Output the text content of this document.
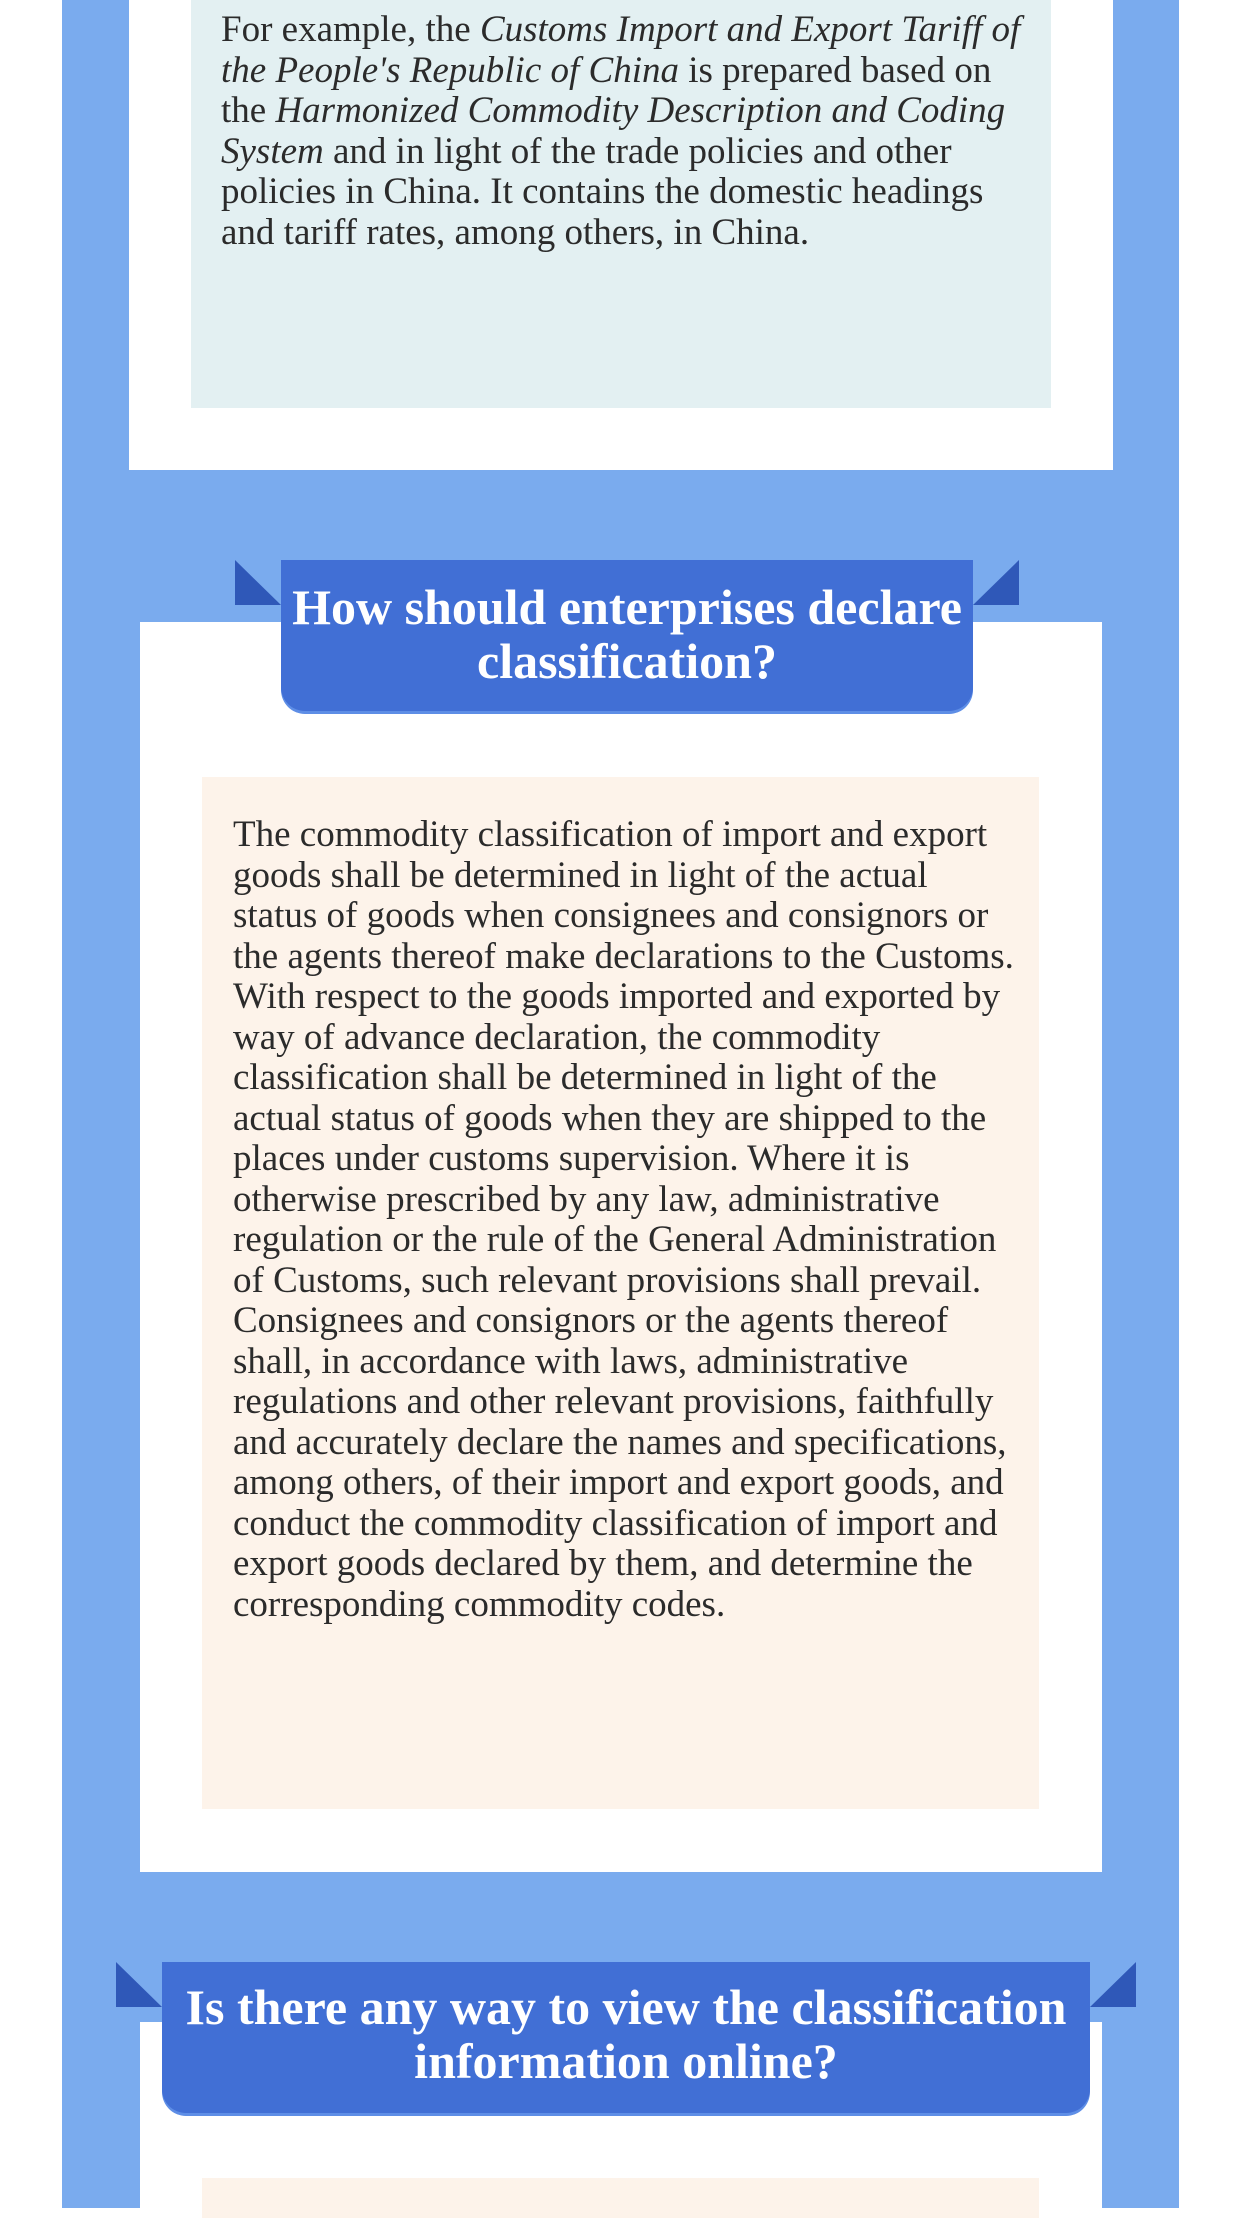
For example, the Customs Import and Export Tariff of the People's Republic of China is prepared based on the Harmonized Commodity Description and Coding System and in light of the trade policies and other policies in China. It contains the domestic headings and tariff rates, among others, in China.

How should enterprises declare classification?

The commodity classification of import and export goods shall be determined in light of the actual status of goods when consignees and consignors or the agents thereof make declarations to the Customs. With respect to the goods imported and exported by way of advance declaration, the commodity classification shall be determined in light of the actual status of goods when they are shipped to the places under customs supervision. Where it is otherwise prescribed by any law, administrative regulation or the rule of the General Administration of Customs, such relevant provisions shall prevail.

Consignees and consignors or the agents thereof shall, in accordance with laws, administrative regulations and other relevant provisions, faithfully and accurately declare the names and specifications, among others, of their import and export goods, and conduct the commodity classification of import and export goods declared by them, and determine the corresponding commodity codes.

Is there any way to view the classification information online?
